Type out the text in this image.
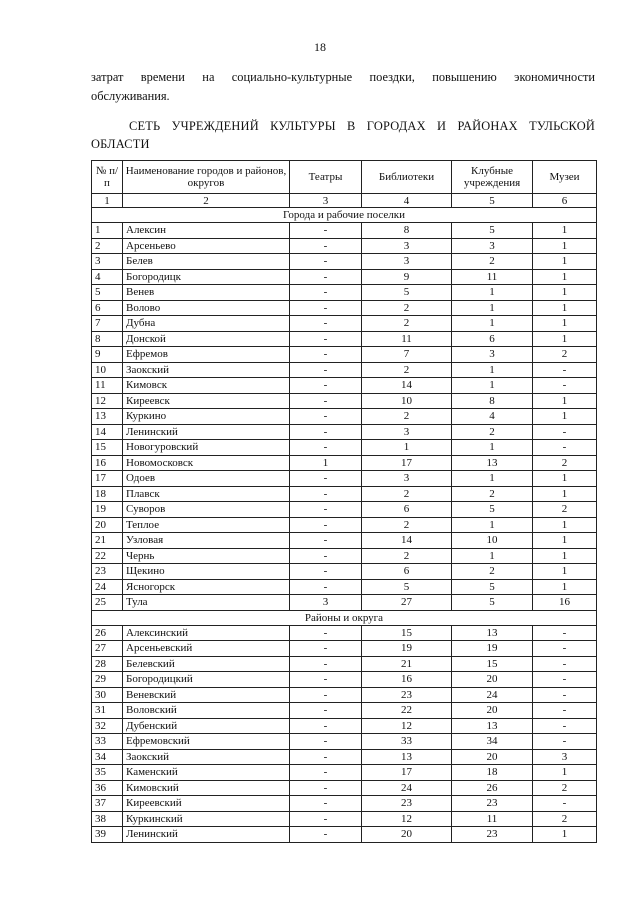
18
затрат времени на социально-культурные поездки, повышению экономичности
обслуживания.
СЕТЬ УЧРЕЖДЕНИЙ КУЛЬТУРЫ В ГОРОДАХ И РАЙОНАХ ТУЛЬСКОЙ
ОБЛАСТИ
№ п/п	Наименование городов и районов, округов	Театры	Библиотеки	Клубные учреждения	Музеи
1	2	3	4	5	6
Города и рабочие поселки					
1	Алексин	-	8	5	1
2	Арсеньево	-	3	3	1
3	Белев	-	3	2	1
4	Богородицк	-	9	11	1
5	Венев	-	5	1	1
6	Волово	-	2	1	1
7	Дубна	-	2	1	1
8	Донской	-	11	6	1
9	Ефремов	-	7	3	2
10	Заокский	-	2	1	-
11	Кимовск	-	14	1	-
12	Киреевск	-	10	8	1
13	Куркино	-	2	4	1
14	Ленинский	-	3	2	-
15	Новогуровский	-	1	1	-
16	Новомосковск	1	17	13	2
17	Одоев	-	3	1	1
18	Плавск	-	2	2	1
19	Суворов	-	6	5	2
20	Теплое	-	2	1	1
21	Узловая	-	14	10	1
22	Чернь	-	2	1	1
23	Щекино	-	6	2	1
24	Ясногорск	-	5	5	1
25	Тула	3	27	5	16
Районы и округа					
26	Алексинский	-	15	13	-
27	Арсеньевский	-	19	19	-
28	Белевский	-	21	15	-
29	Богородицкий	-	16	20	-
30	Веневский	-	23	24	-
31	Воловский	-	22	20	-
32	Дубенский	-	12	13	-
33	Ефремовский	-	33	34	-
34	Заокский	-	13	20	3
35	Каменский	-	17	18	1
36	Кимовский	-	24	26	2
37	Киреевский	-	23	23	-
38	Куркинский	-	12	11	2
39	Ленинский	-	20	23	1
